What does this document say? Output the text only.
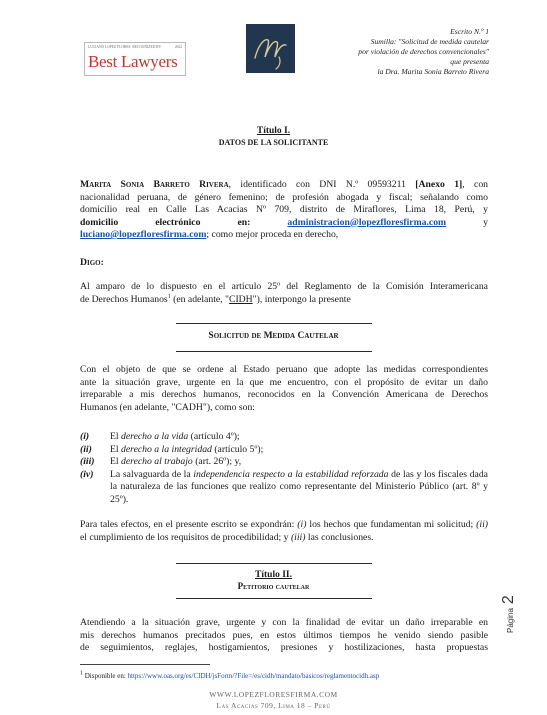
LUCIANO LÓPEZ FLORES RECOGNIZED BY	2022
Best Lawyers
Escrito N.º 1
Sumilla: "Solicitud de medida cautelar
por violación de derechos convencionales"
que presenta
la Dra. Marita Sonia Barreto Rivera
Título I.
DATOS DE LA SOLICITANTE
Marita Sonia Barreto Rivera, identificado con DNI N.º 09593211 [Anexo 1], con
nacionalidad peruana, de género femenino; de profesión abogada y fiscal; señalando como
domicilio real en Calle Las Acacias Nº 709, distrito de Miraflores, Lima 18, Perú, y
domicilio	electrónico	en:	administracion@lopezfloresfirma.com	y
luciano@lopezfloresfirma.com; como mejor proceda en derecho,
Digo:
Al amparo de lo dispuesto en el artículo 25º del Reglamento de la Comisión Interamericana
de Derechos Humanos$^1$ (en adelante, "CIDH"), interpongo la presente
Solicitud de Medida Cautelar
Con el objeto de que se ordene al Estado peruano que adopte las medidas correspondientes
ante la situación grave, urgente en la que me encuentro, con el propósito de evitar un daño
irreparable a mis derechos humanos, reconocidos en la Convención Americana de Derechos
Humanos (en adelante, "CADH"), como son:
(i) El derecho a la vida (artículo 4º);
(ii) El derecho a la integridad (artículo 5º);
(iii) El derecho al trabajo (art. 26º); y,
(iv) La salvaguarda de la independencia respecto a la estabilidad reforzada de las y los fiscales dada la naturaleza de las funciones que realizo como representante del Ministerio Público (art. 8º y 25º).
Para tales efectos, en el presente escrito se expondrán: (i) los hechos que fundamentan mi solicitud; (ii) el cumplimiento de los requisitos de procedibilidad; y (iii) las conclusiones.
Título II.
Petitorio cautelar
Atendiendo a la situación grave, urgente y con la finalidad de evitar un daño irreparable en
mis derechos humanos precitados pues, en estos últimos tiempos he venido siendo pasible
de seguimientos, reglajes, hostigamientos, presiones y hostilizaciones, hasta propuestas
1 Disponible en: https://www.oas.org/es/CIDH/jsForm/?File=/es/cidh/mandato/basicos/reglamentocidh.asp
WWW.LOPEZFLORESFIRMA.COM
Las Acacias 709, Lima 18 – Perú
Página 2
